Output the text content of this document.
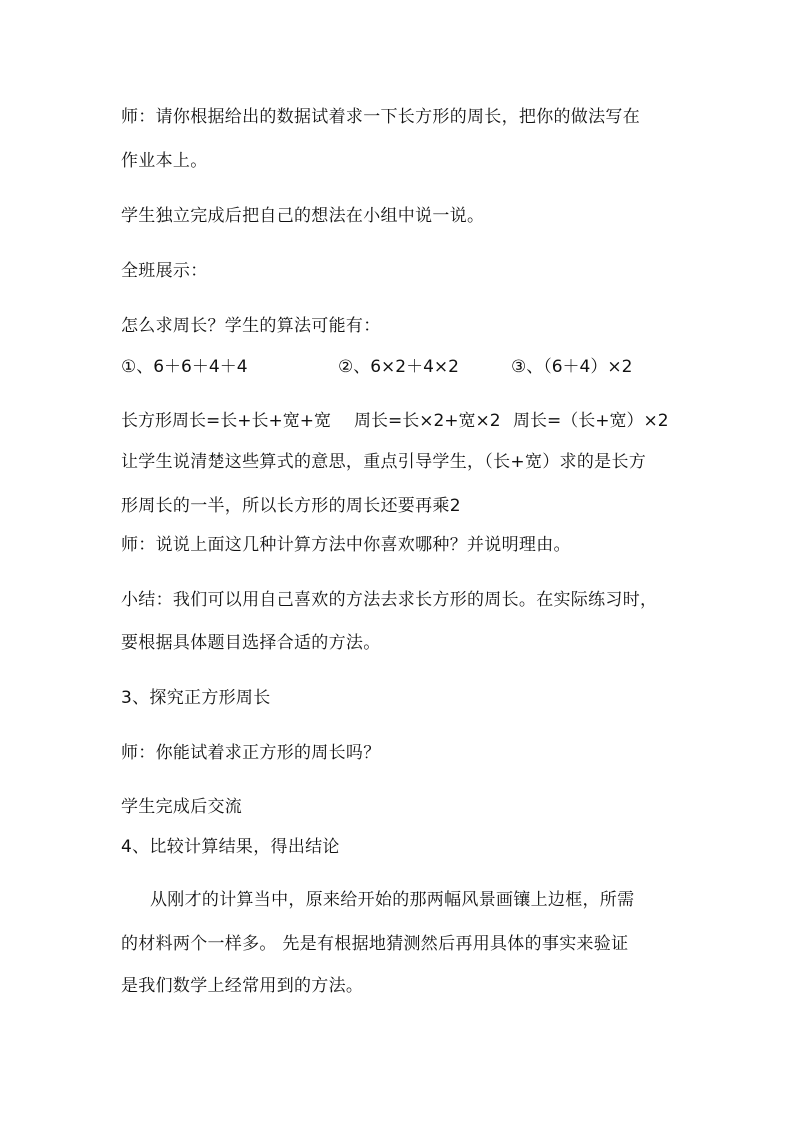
师：请你根据给出的数据试着求一下长方形的周长，把你的做法写在
作业本上。
学生独立完成后把自己的想法在小组中说一说。
全班展示：
怎么求周长？学生的算法可能有：
①、6＋6＋4＋4	②、6×2＋4×2	③、（6＋4）×2
长方形周长=长+长+宽+宽 周长=长×2+宽×2 周长=（长+宽）×2
让学生说清楚这些算式的意思，重点引导学生，（长+宽）求的是长方
形周长的一半，所以长方形的周长还要再乘2
师：说说上面这几种计算方法中你喜欢哪种？并说明理由。
小结：我们可以用自己喜欢的方法去求长方形的周长。在实际练习时，
要根据具体题目选择合适的方法。
3、探究正方形周长
师：你能试着求正方形的周长吗？
学生完成后交流
4、比较计算结果，得出结论
从刚才的计算当中，原来给开始的那两幅风景画镶上边框，所需
的材料两个一样多。 先是有根据地猜测然后再用具体的事实来验证
是我们数学上经常用到的方法。
